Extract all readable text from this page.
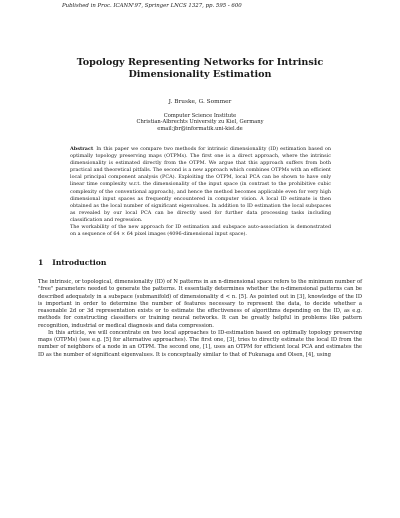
Published in Proc. ICANN'97, Springer LNCS 1327, pp. 595 - 600
Topology Representing Networks for Intrinsic
Dimensionality Estimation
J. Bruske, G. Sommer
Computer Science Institute
Christian-Albrechts University zu Kiel, Germany
email:jbr@informatik.uni-kiel.de

Abstract In this paper we compare two methods for intrinsic dimensionality (ID) estimation based on optimally topology preserving maps (OTPMs). The first one is a direct approach, where the intrinsic dimensionality is estimated directly from the OTPM. We argue that this approach suffers from both practical and theoretical pitfalls. The second is a new approach which combines OTPMs with an efficient local principal component analysis (PCA). Exploiting the OTPM, local PCA can be shown to have only linear time complexity w.r.t. the dimensionality of the input space (in contrast to the prohibitive cubic complexity of the conventional approach), and hence the method becomes applicable even for very high dimensional input spaces as frequently encountered in computer vision. A local ID estimate is then obtained as the local number of significant eigenvalues. In addition to ID estimation the local subspaces as revealed by our local PCA can be directly used for further data processing tasks including classification and regression.

The workability of the new approach for ID estimation and subspace auto-association is demonstrated on a sequence of 64 × 64 pixel images (4096-dimensional input space).

1 Introduction

The intrinsic, or topological, dimensionality (ID) of N patterns in an n-dimensional space refers to the minimum number of "free" parameters needed to generate the patterns. It essentially determines whether the n-dimensional patterns can be described adequately in a subspace (submanifold) of dimensionality d < n. [5]. As pointed out in [3], knowledge of the ID is important in order to determine the number of features necessary to represent the data, to decide whether a reasonable 2d or 3d representation exists or to estimate the effectiveness of algorithms depending on the ID, as e.g. methods for constructing classifiers or training neural networks. It can be greatly helpful in problems like pattern recognition, industrial or medical diagnosis and data compression.

In this article, we will concentrate on two local approaches to ID-estimation based on optimally topology preserving maps (OTPMs) (see e.g. [5] for alternative approaches). The first one, [3], tries to directly estimate the local ID from the number of neighbors of a node in an OTPM. The second one, [1], uses an OTPM for efficient local PCA and estimates the ID as the number of significant eigenvalues. It is conceptually similar to that of Fukunaga and Olsen, [4], using
